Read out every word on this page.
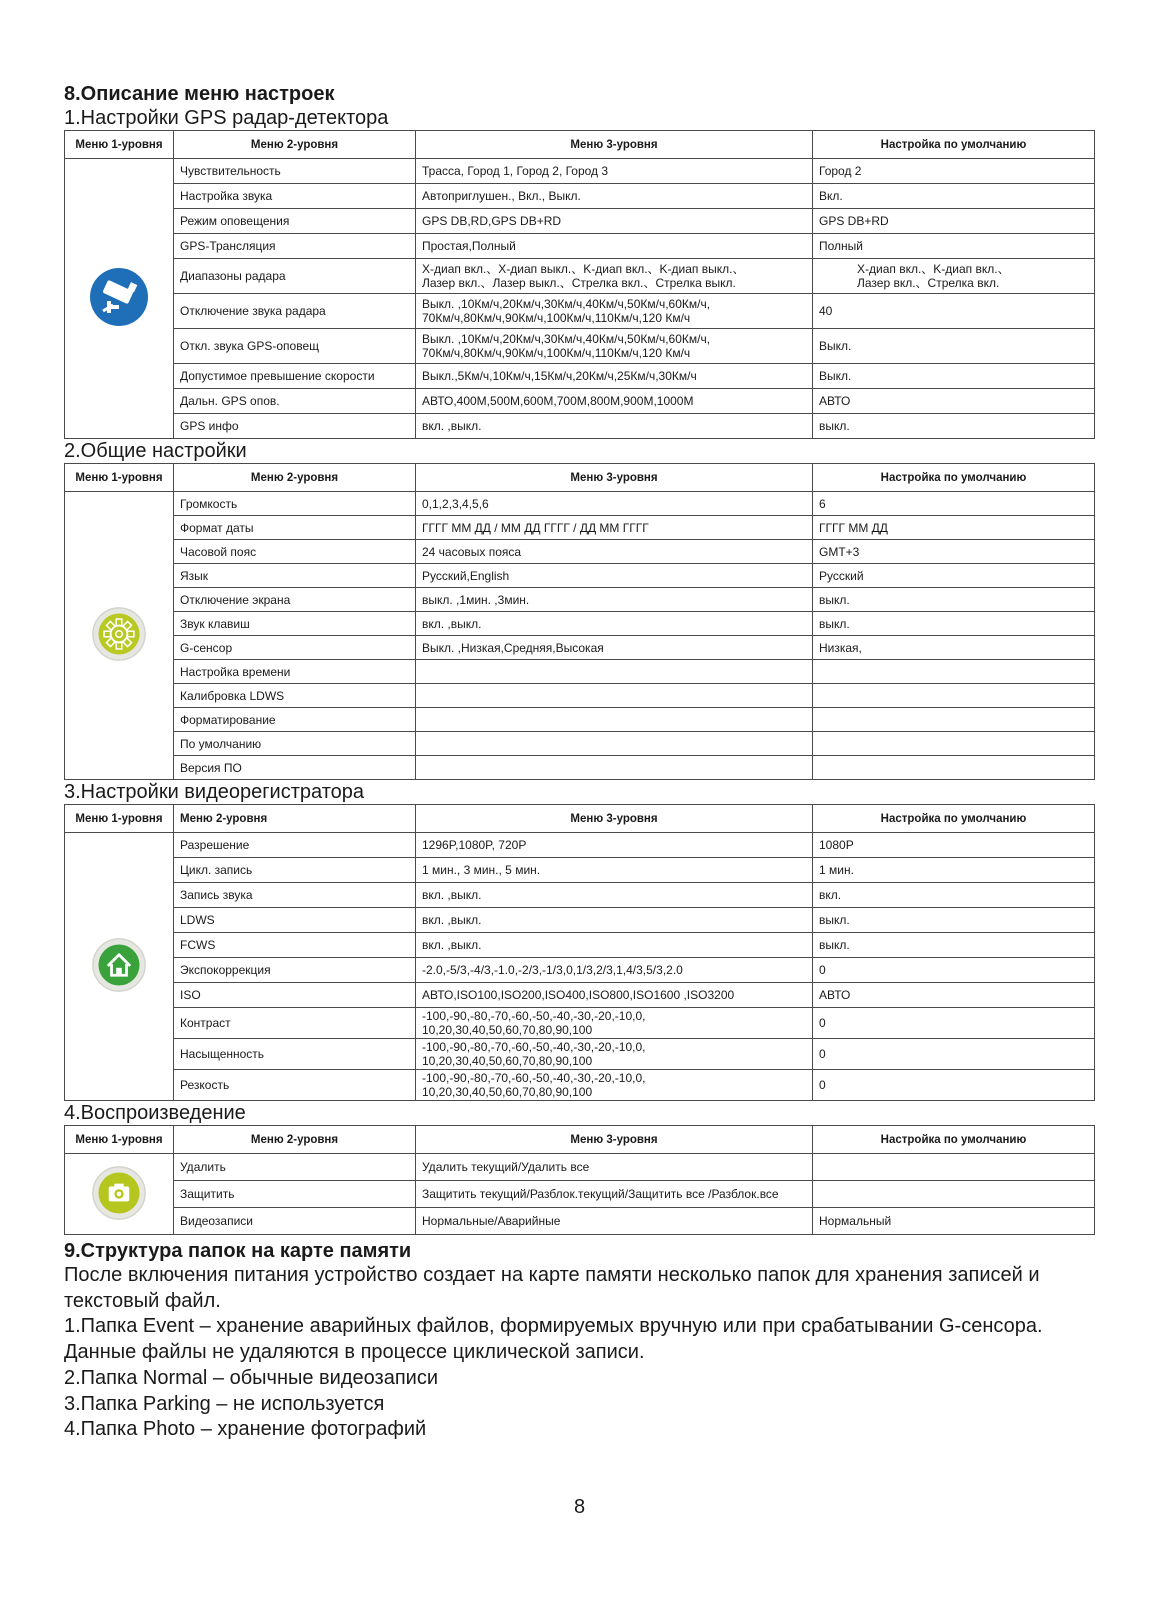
8.Описание меню настроек
1.Настройки GPS радар-детектора
Меню 1-уровня	Меню 2-уровня	Меню 3-уровня	Настройка по умолчанию
	Чувствительность	Трасса, Город 1, Город 2, Город 3	Город 2
	Настройка звука	Автоприглушен., Вкл., Выкл.	Вкл.
	Режим оповещения	GPS DB,RD,GPS DB+RD	GPS DB+RD
	GPS-Трансляция	Простая,Полный	Полный
	Диапазоны радара	X-диап вкл.、X-диап выкл.、K-диап вкл.、K-диап выкл.、
Лазер вкл.、Лазер выкл.、Стрелка вкл.、Стрелка выкл.	X-диап вкл.、K-диап вкл.、
Лазер вкл.、Стрелка вкл.
	Отключение звука радара	Выкл. ,10Км/ч,20Км/ч,30Км/ч,40Км/ч,50Км/ч,60Км/ч,
70Км/ч,80Км/ч,90Км/ч,100Км/ч,110Км/ч,120 Км/ч	40
	Откл. звука GPS-оповещ	Выкл. ,10Км/ч,20Км/ч,30Км/ч,40Км/ч,50Км/ч,60Км/ч,
70Км/ч,80Км/ч,90Км/ч,100Км/ч,110Км/ч,120 Км/ч	Выкл.
	Допустимое превышение скорости	Выкл.,5Км/ч,10Км/ч,15Км/ч,20Км/ч,25Км/ч,30Км/ч	Выкл.
	Дальн. GPS опов.	АВТО,400M,500M,600M,700M,800M,900M,1000M	АВТО
	GPS инфо	вкл. ,выкл.	выкл.
2.Общие настройки
Меню 1-уровня	Меню 2-уровня	Меню 3-уровня	Настройка по умолчанию
	Громкость	0,1,2,3,4,5,6	6
	Формат даты	ГГГГ ММ ДД / ММ ДД ГГГГ / ДД ММ ГГГГ	ГГГГ ММ ДД
	Часовой пояс	24 часовых пояса	GMT+3
	Язык	Русский,English	Русский
	Отключение экрана	выкл. ,1мин. ,3мин.	выкл.
	Звук клавиш	вкл. ,выкл.	выкл.
	G-сенсор	Выкл. ,Низкая,Средняя,Высокая	Низкая,
	Настройка времени		
	Калибровка LDWS		
	Форматирование		
	По умолчанию		
	Версия ПО		
3.Настройки видеорегистратора
Меню 1-уровня	Меню 2-уровня	Меню 3-уровня	Настройка по умолчанию
	Разрешение	1296P,1080P, 720P	1080P
	Цикл. запись	1 мин., 3 мин., 5 мин.	1 мин.
	Запись звука	вкл. ,выкл.	вкл.
	LDWS	вкл. ,выкл.	выкл.
	FCWS	вкл. ,выкл.	выкл.
	Экспокоррекция	-2.0,-5/3,-4/3,-1.0,-2/3,-1/3,0,1/3,2/3,1,4/3,5/3,2.0	0
	ISO	АВТО,ISO100,ISO200,ISO400,ISO800,ISO1600 ,ISO3200	АВТО
	Контраст	-100,-90,-80,-70,-60,-50,-40,-30,-20,-10,0,
10,20,30,40,50,60,70,80,90,100	0
	Насыщенность	-100,-90,-80,-70,-60,-50,-40,-30,-20,-10,0,
10,20,30,40,50,60,70,80,90,100	0
	Резкость	-100,-90,-80,-70,-60,-50,-40,-30,-20,-10,0,
10,20,30,40,50,60,70,80,90,100	0
4.Воспроизведение
Меню 1-уровня	Меню 2-уровня	Меню 3-уровня	Настройка по умолчанию
	Удалить	Удалить текущий/Удалить все	
	Защитить	Защитить текущий/Разблок.текущий/Защитить все /Разблок.все	
	Видеозаписи	Нормальные/Аварийные	Нормальный
9.Структура папок на карте памяти

После включения питания устройство создает на карте памяти несколько папок для хранения записей и текстовый файл.

1.Папка Event – хранение аварийных файлов, формируемых вручную или при срабатывании G-сенсора. Данные файлы не удаляются в процессе циклической записи.

2.Папка Normal – обычные видеозаписи

3.Папка Parking – не используется

4.Папка Photo – хранение фотографий

8
